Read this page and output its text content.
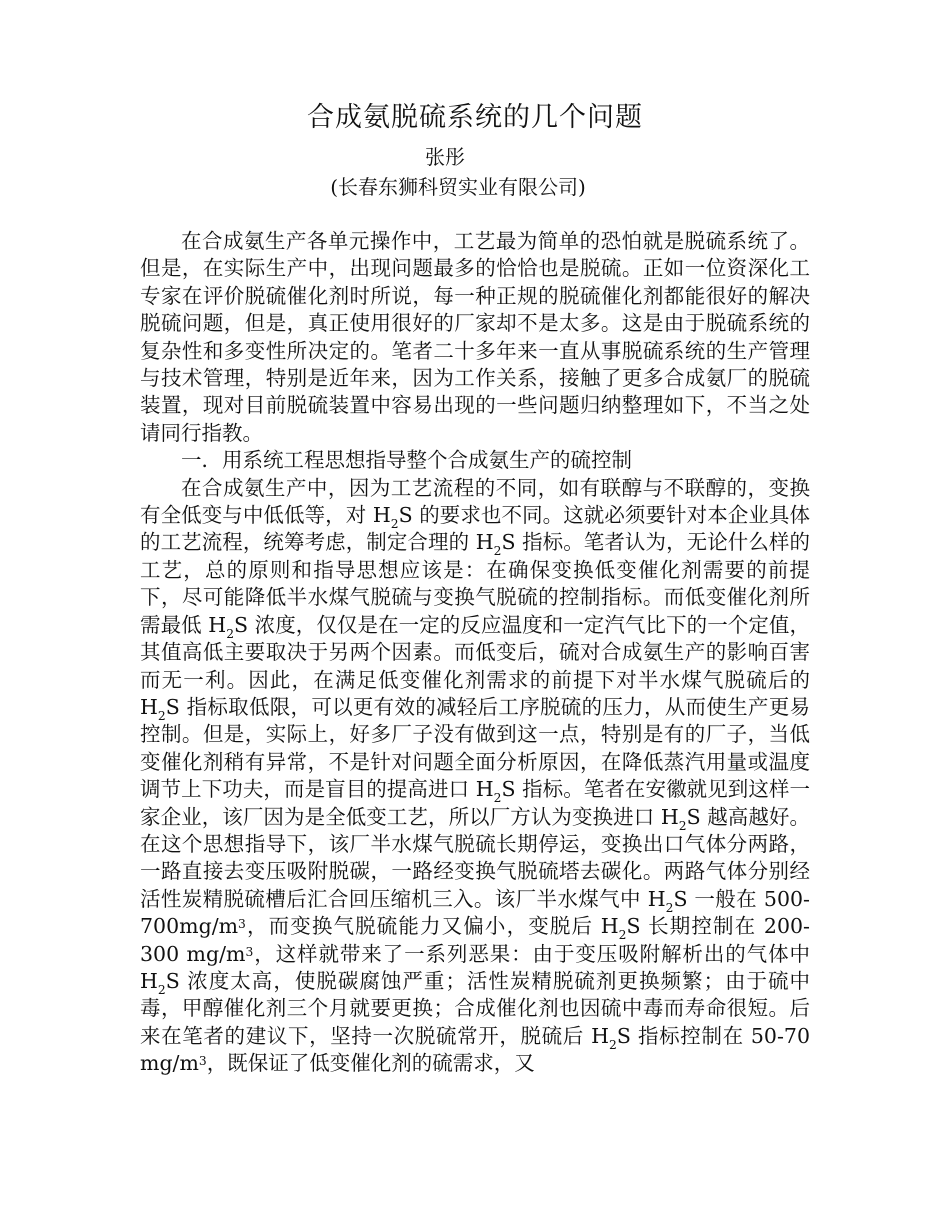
合成氨脱硫系统的几个问题
张彤
(长春东狮科贸实业有限公司)

在合成氨生产各单元操作中，工艺最为简单的恐怕就是脱硫系统了。但是，在实际生产中，出现问题最多的恰恰也是脱硫。正如一位资深化工专家在评价脱硫催化剂时所说，每一种正规的脱硫催化剂都能很好的解决脱硫问题，但是，真正使用很好的厂家却不是太多。这是由于脱硫系统的复杂性和多变性所决定的。笔者二十多年来一直从事脱硫系统的生产管理与技术管理，特别是近年来，因为工作关系，接触了更多合成氨厂的脱硫装置，现对目前脱硫装置中容易出现的一些问题归纳整理如下，不当之处请同行指教。

一．用系统工程思想指导整个合成氨生产的硫控制

在合成氨生产中，因为工艺流程的不同，如有联醇与不联醇的，变换有全低变与中低低等，对 $H_2S$ 的要求也不同。这就必须要针对本企业具体的工艺流程，统筹考虑，制定合理的 $H_2S$ 指标。笔者认为，无论什么样的工艺，总的原则和指导思想应该是：在确保变换低变催化剂需要的前提下，尽可能降低半水煤气脱硫与变换气脱硫的控制指标。而低变催化剂所需最低 $H_2S$ 浓度，仅仅是在一定的反应温度和一定汽气比下的一个定值，其值高低主要取决于另两个因素。而低变后，硫对合成氨生产的影响百害而无一利。因此，在满足低变催化剂需求的前提下对半水煤气脱硫后的 $H_2S$ 指标取低限，可以更有效的减轻后工序脱硫的压力，从而使生产更易控制。但是，实际上，好多厂子没有做到这一点，特别是有的厂子，当低变催化剂稍有异常，不是针对问题全面分析原因，在降低蒸汽用量或温度调节上下功夫，而是盲目的提高进口 $H_2S$ 指标。笔者在安徽就见到这样一家企业，该厂因为是全低变工艺，所以厂方认为变换进口 $H_2S$ 越高越好。在这个思想指导下，该厂半水煤气脱硫长期停运，变换出口气体分两路，一路直接去变压吸附脱碳，一路经变换气脱硫塔去碳化。两路气体分别经活性炭精脱硫槽后汇合回压缩机三入。该厂半水煤气中 $H_2S$ 一般在 $500-700mg/m^3$，而变换气脱硫能力又偏小，变脱后 $H_2S$ 长期控制在 200-300 $mg/m^3$，这样就带来了一系列恶果：由于变压吸附解析出的气体中 $H_2S$ 浓度太高，使脱碳腐蚀严重；活性炭精脱硫剂更换频繁；由于硫中毒，甲醇催化剂三个月就要更换；合成催化剂也因硫中毒而寿命很短。后来在笔者的建议下，坚持一次脱硫常开，脱硫后 $H_2S$ 指标控制在 50-70 $mg/m^3$，既保证了低变催化剂的硫需求，又
